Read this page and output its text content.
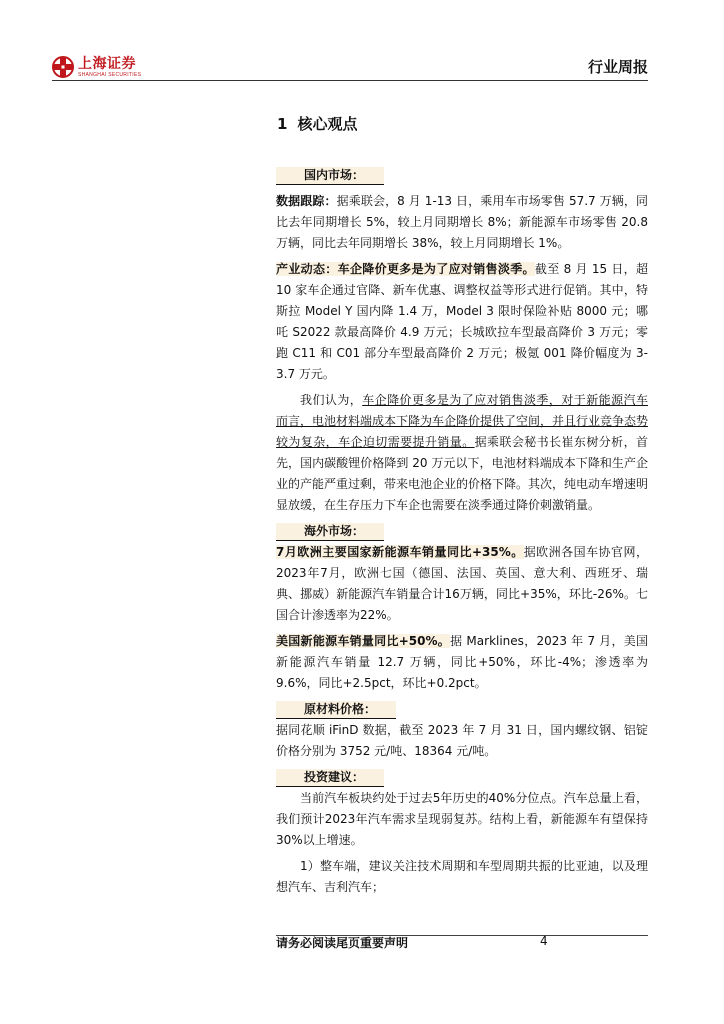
上海证券
SHANGHAI SECURITIES	行业周报
1 核心观点

国内市场：

数据跟踪：据乘联会，8 月 1-13 日，乘用车市场零售 57.7 万辆，同比去年同期增长 5%，较上月同期增长 8%；新能源车市场零售 20.8 万辆，同比去年同期增长 38%，较上月同期增长 1%。

产业动态：车企降价更多是为了应对销售淡季。截至 8 月 15 日，超 10 家车企通过官降、新车优惠、调整权益等形式进行促销。其中，特斯拉 Model Y 国内降 1.4 万，Model 3 限时保险补贴 8000 元；哪吒 S2022 款最高降价 4.9 万元；长城欧拉车型最高降价 3 万元；零跑 C11 和 C01 部分车型最高降价 2 万元；极氪 001 降价幅度为 3-3.7 万元。

我们认为，车企降价更多是为了应对销售淡季，对于新能源汽车而言，电池材料端成本下降为车企降价提供了空间，并且行业竞争态势较为复杂，车企迫切需要提升销量。据乘联会秘书长崔东树分析，首先，国内碳酸锂价格降到 20 万元以下，电池材料端成本下降和生产企业的产能严重过剩，带来电池企业的价格下降。其次，纯电动车增速明显放缓，在生存压力下车企也需要在淡季通过降价刺激销量。

海外市场：

7月欧洲主要国家新能源车销量同比+35%。据欧洲各国车协官网，2023年7月，欧洲七国（德国、法国、英国、意大利、西班牙、瑞典、挪威）新能源汽车销量合计16万辆，同比+35%，环比-26%。七国合计渗透率为22%。

美国新能源车销量同比+50%。据 Marklines，2023 年 7 月，美国新能源汽车销量 12.7 万辆，同比+50%，环比-4%；渗透率为 9.6%，同比+2.5pct，环比+0.2pct。

原材料价格：

据同花顺 iFinD 数据，截至 2023 年 7 月 31 日，国内螺纹钢、铝锭价格分别为 3752 元/吨、18364 元/吨。

投资建议：

当前汽车板块约处于过去5年历史的40%分位点。汽车总量上看，我们预计2023年汽车需求呈现弱复苏。结构上看，新能源车有望保持30%以上增速。

1）整车端，建议关注技术周期和车型周期共振的比亚迪，以及理想汽车、吉利汽车；

请务必阅读尾页重要声明	4
